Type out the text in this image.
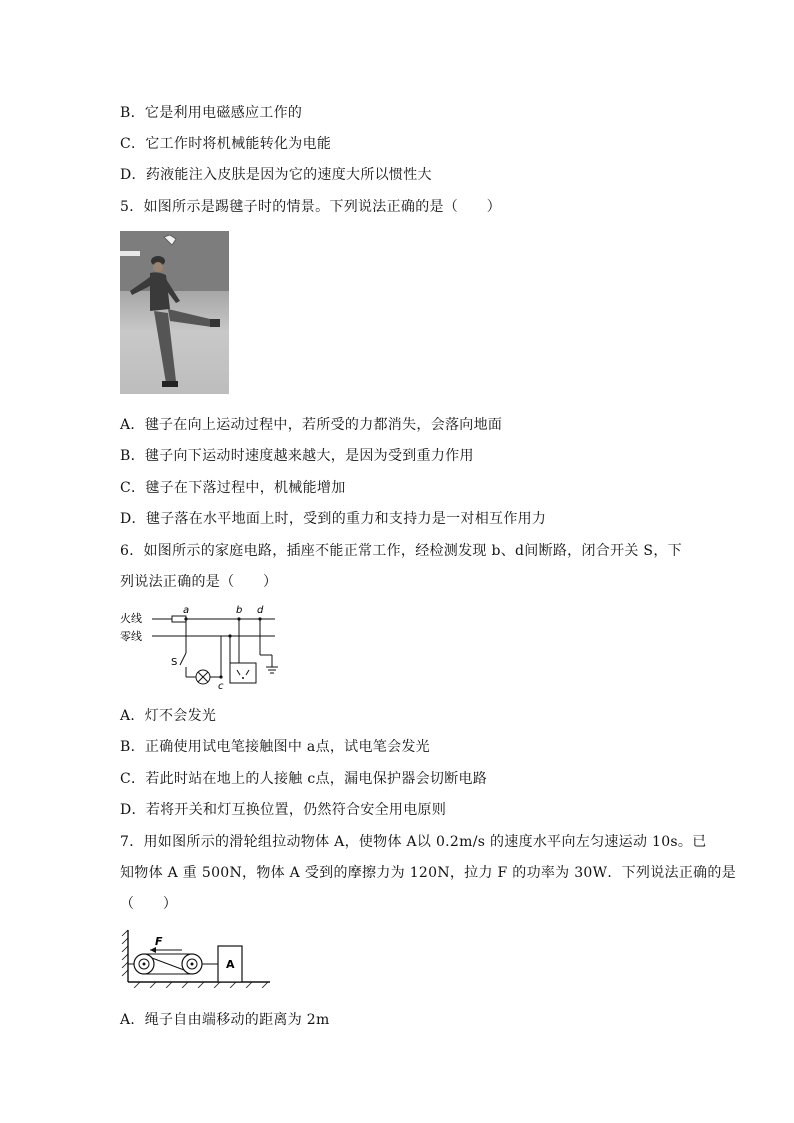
B．它是利用电磁感应工作的
C．它工作时将机械能转化为电能
D．药液能注入皮肤是因为它的速度大所以惯性大
5．如图所示是踢毽子时的情景。下列说法正确的是（　　）
A．毽子在向上运动过程中，若所受的力都消失，会落向地面
B．毽子向下运动时速度越来越大，是因为受到重力作用
C．毽子在下落过程中，机械能增加
D．毽子落在水平地面上时，受到的重力和支持力是一对相互作用力
6．如图所示的家庭电路，插座不能正常工作，经检测发现 b、d间断路，闭合开关 S，下
列说法正确的是（　　）
火线
零线
a	b d
S
c
A．灯不会发光
B．正确使用试电笔接触图中 a点，试电笔会发光
C．若此时站在地上的人接触 c点，漏电保护器会切断电路
D．若将开关和灯互换位置，仍然符合安全用电原则
7．用如图所示的滑轮组拉动物体 A，使物体 A以 0.2m/s 的速度水平向左匀速运动 10s。已
知物体 A 重 500N，物体 A 受到的摩擦力为 120N，拉力 F 的功率为 30W．下列说法正确的是
（　　）
F
A
A．绳子自由端移动的距离为 2m
